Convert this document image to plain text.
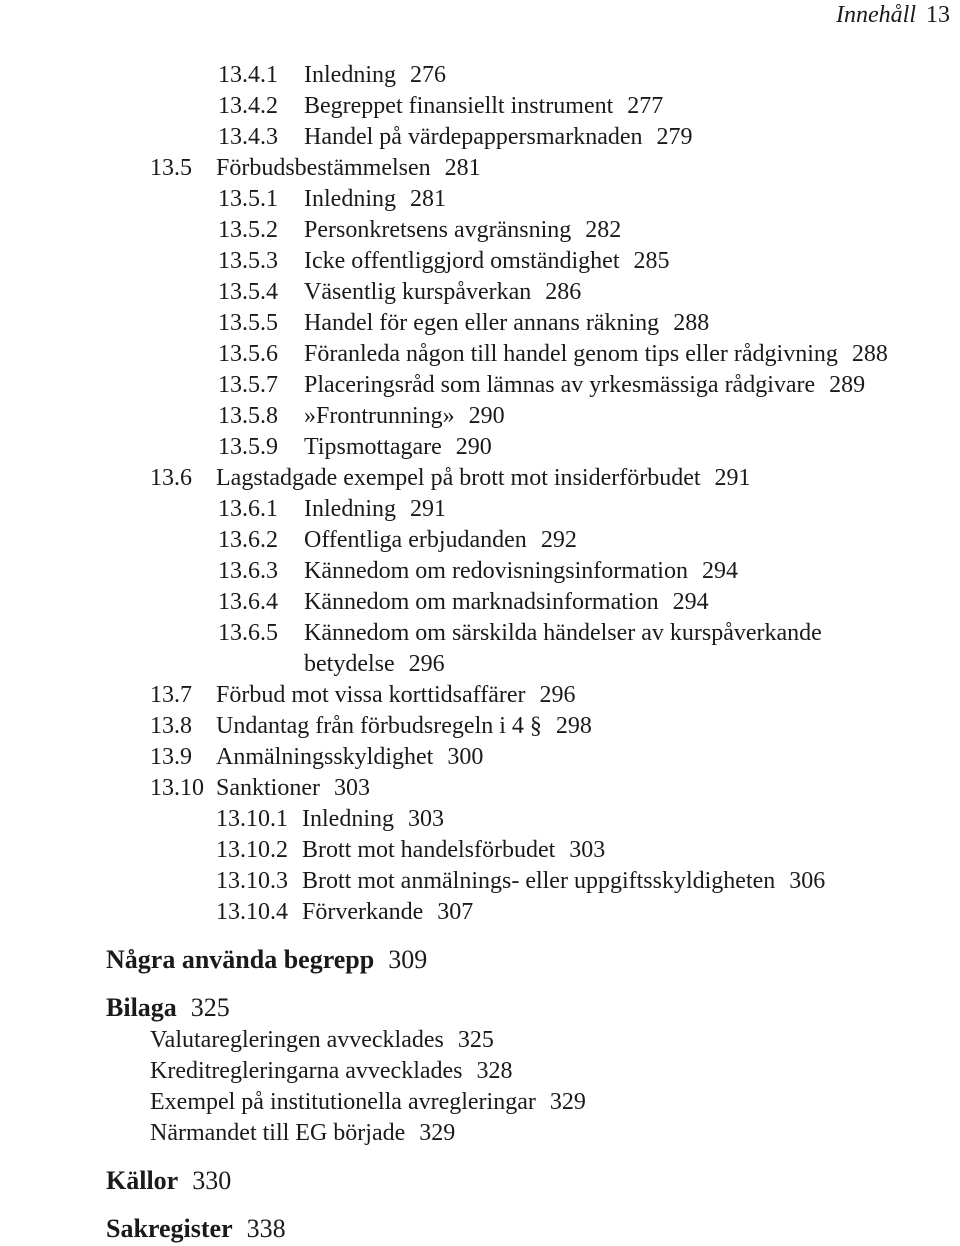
Innehåll 13
13.4.1 Inledning 276
13.4.2 Begreppet finansiellt instrument 277
13.4.3 Handel på värdepappersmarknaden 279
13.5 Förbudsbestämmelsen 281
13.5.1 Inledning 281
13.5.2 Personkretsens avgränsning 282
13.5.3 Icke offentliggjord omständighet 285
13.5.4 Väsentlig kurspåverkan 286
13.5.5 Handel för egen eller annans räkning 288
13.5.6 Föranleda någon till handel genom tips eller rådgivning 288
13.5.7 Placeringsråd som lämnas av yrkesmässiga rådgivare 289
13.5.8 »Frontrunning» 290
13.5.9 Tipsmottagare 290
13.6 Lagstadgade exempel på brott mot insiderförbudet 291
13.6.1 Inledning 291
13.6.2 Offentliga erbjudanden 292
13.6.3 Kännedom om redovisningsinformation 294
13.6.4 Kännedom om marknadsinformation 294
13.6.5 Kännedom om särskilda händelser av kurspåverkande
betydelse 296
13.7 Förbud mot vissa korttidsaffärer 296
13.8 Undantag från förbudsregeln i 4 § 298
13.9 Anmälningsskyldighet 300
13.10 Sanktioner 303
13.10.1 Inledning 303
13.10.2 Brott mot handelsförbudet 303
13.10.3 Brott mot anmälnings- eller uppgiftsskyldigheten 306
13.10.4 Förverkande 307
Några använda begrepp 309
Bilaga 325
Valutaregleringen avvecklades 325
Kreditregleringarna avvecklades 328
Exempel på institutionella avregleringar 329
Närmandet till EG började 329
Källor 330
Sakregister 338
